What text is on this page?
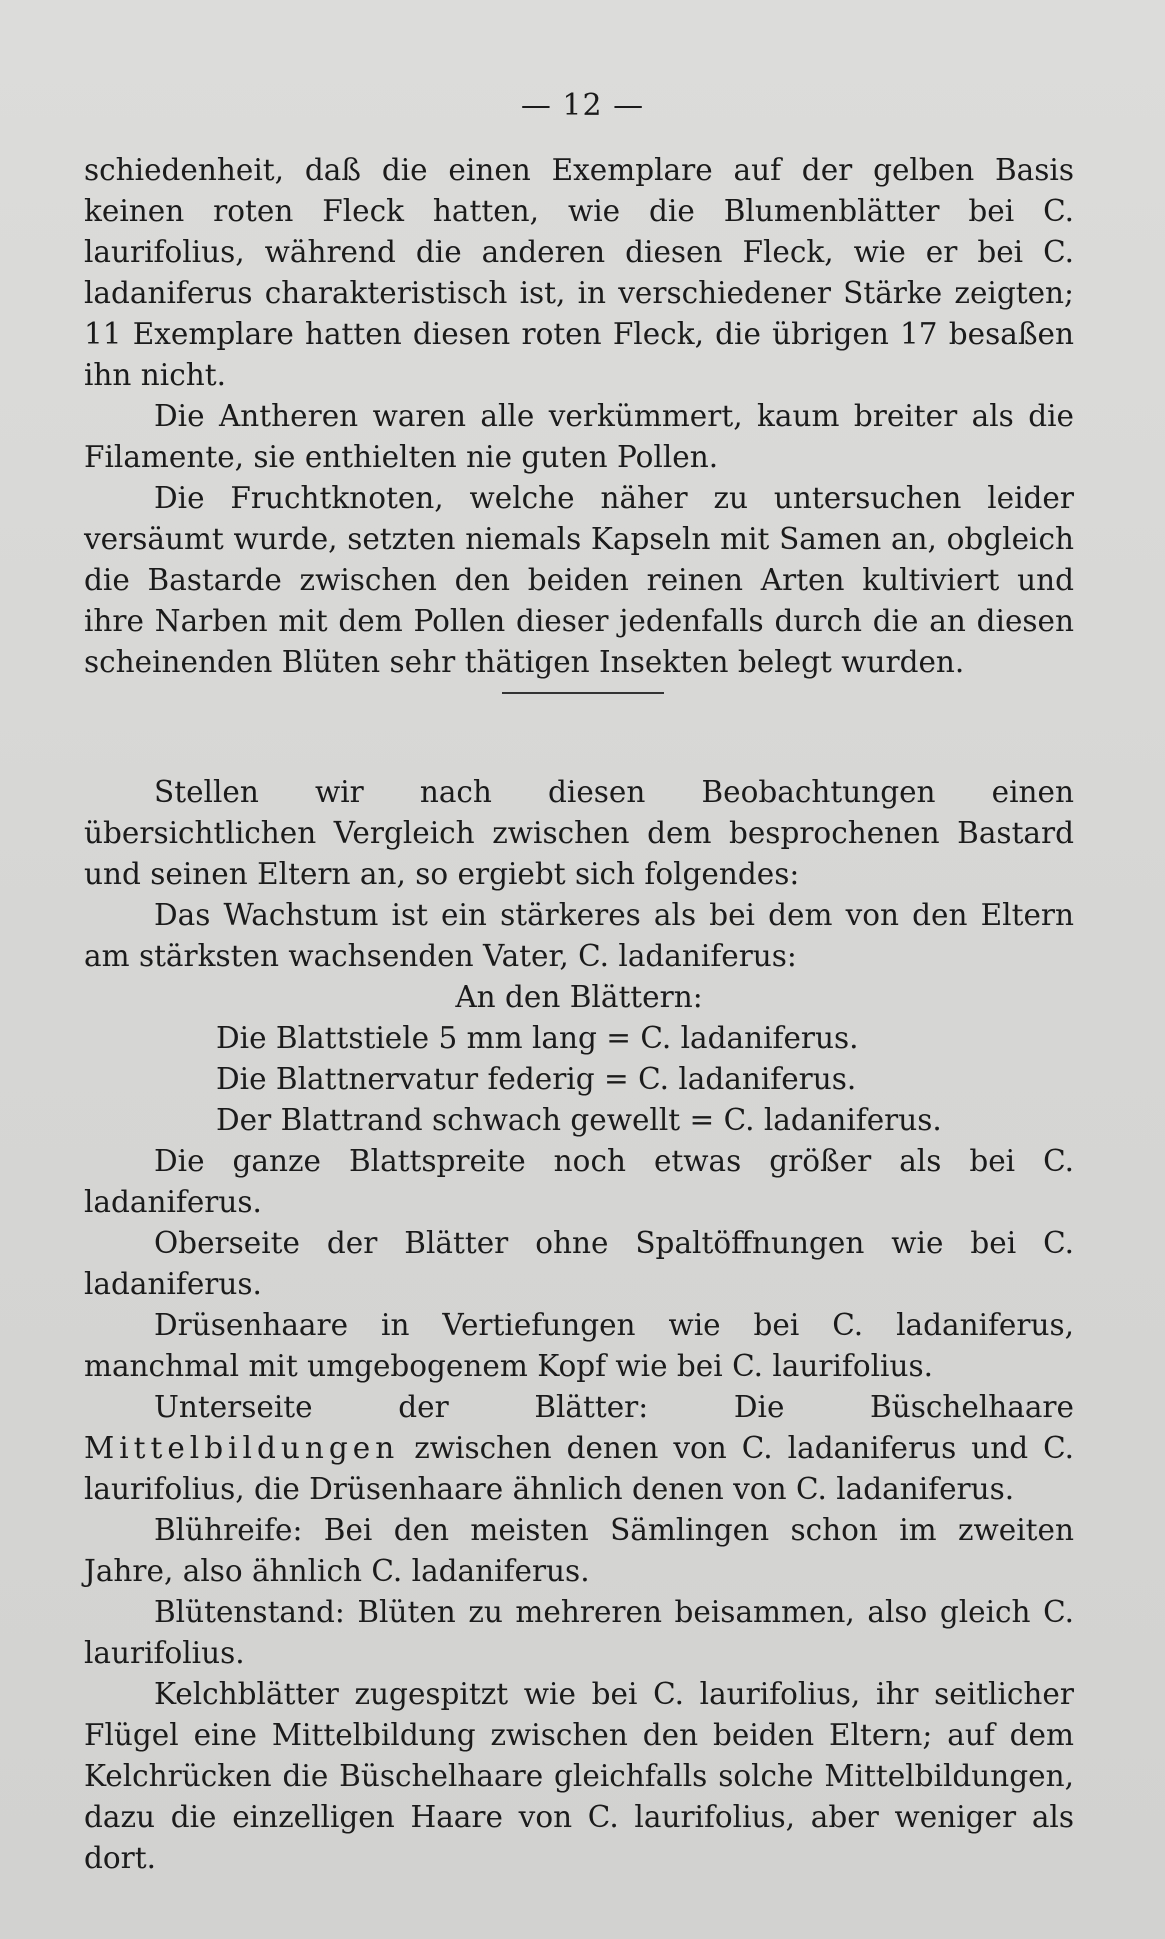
— 12 —

schiedenheit, daß die einen Exemplare auf der gelben Basis keinen roten Fleck hatten, wie die Blumenblätter bei C. laurifolius, während die anderen diesen Fleck, wie er bei C. ladaniferus charakteristisch ist, in verschiedener Stärke zeigten; 11 Exemplare hatten diesen roten Fleck, die übrigen 17 besaßen ihn nicht.

Die Antheren waren alle verkümmert, kaum breiter als die Filamente, sie enthielten nie guten Pollen.

Die Fruchtknoten, welche näher zu untersuchen leider versäumt wurde, setzten niemals Kapseln mit Samen an, obgleich die Bastarde zwischen den beiden reinen Arten kultiviert und ihre Narben mit dem Pollen dieser jedenfalls durch die an diesen scheinenden Blüten sehr thätigen Insekten belegt wurden.

Stellen wir nach diesen Beobachtungen einen übersichtlichen Vergleich zwischen dem besprochenen Bastard und seinen Eltern an, so ergiebt sich folgendes:

Das Wachstum ist ein stärkeres als bei dem von den Eltern am stärksten wachsenden Vater, C. ladaniferus:

An den Blättern:

Die Blattstiele 5 mm lang = C. ladaniferus.

Die Blattnervatur federig = C. ladaniferus.

Der Blattrand schwach gewellt = C. ladaniferus.

Die ganze Blattspreite noch etwas größer als bei C. ladaniferus.

Oberseite der Blätter ohne Spaltöffnungen wie bei C. ladaniferus.

Drüsenhaare in Vertiefungen wie bei C. ladaniferus, manchmal mit umgebogenem Kopf wie bei C. laurifolius.

Unterseite der Blätter: Die Büschelhaare Mittelbildungen zwischen denen von C. ladaniferus und C. laurifolius, die Drüsenhaare ähnlich denen von C. ladaniferus.

Blühreife: Bei den meisten Sämlingen schon im zweiten Jahre, also ähnlich C. ladaniferus.

Blütenstand: Blüten zu mehreren beisammen, also gleich C. laurifolius.

Kelchblätter zugespitzt wie bei C. laurifolius, ihr seitlicher Flügel eine Mittelbildung zwischen den beiden Eltern; auf dem Kelchrücken die Büschelhaare gleichfalls solche Mittelbildungen, dazu die einzelligen Haare von C. laurifolius, aber weniger als dort.
